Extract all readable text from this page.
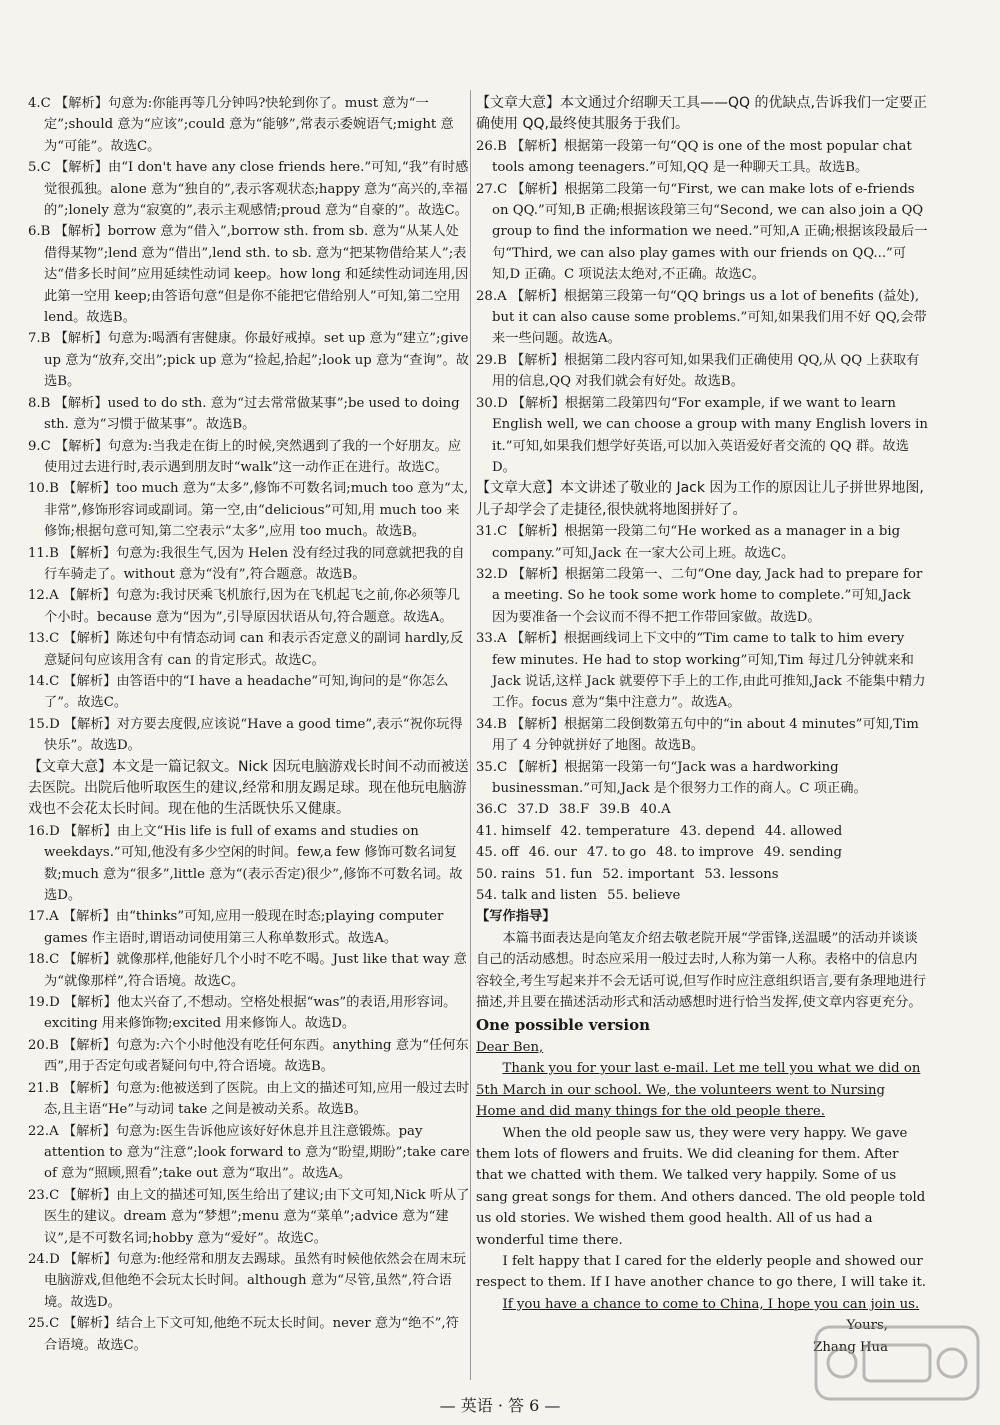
4.C 【解析】句意为:你能再等几分钟吗?快轮到你了。must 意为“一定”;should 意为“应该”;could 意为“能够”,常表示委婉语气;might 意为“可能”。故选C。

5.C 【解析】由“I don't have any close friends here.”可知,“我”有时感觉很孤独。alone 意为“独自的”,表示客观状态;happy 意为“高兴的,幸福的”;lonely 意为“寂寞的”,表示主观感情;proud 意为“自豪的”。故选C。

6.B 【解析】borrow 意为“借入”,borrow sth. from sb. 意为“从某人处借得某物”;lend 意为“借出”,lend sth. to sb. 意为“把某物借给某人”;表达“借多长时间”应用延续性动词 keep。how long 和延续性动词连用,因此第一空用 keep;由答语句意“但是你不能把它借给别人”可知,第二空用 lend。故选B。

7.B 【解析】句意为:喝酒有害健康。你最好戒掉。set up 意为“建立”;give up 意为“放弃,交出”;pick up 意为“捡起,拾起”;look up 意为“查询”。故选B。

8.B 【解析】used to do sth. 意为“过去常常做某事”;be used to doing sth. 意为“习惯于做某事”。故选B。

9.C 【解析】句意为:当我走在街上的时候,突然遇到了我的一个好朋友。应使用过去进行时,表示遇到朋友时“walk”这一动作正在进行。故选C。

10.B 【解析】too much 意为“太多”,修饰不可数名词;much too 意为“太,非常”,修饰形容词或副词。第一空,由“delicious”可知,用 much too 来修饰;根据句意可知,第二空表示“太多”,应用 too much。故选B。

11.B 【解析】句意为:我很生气,因为 Helen 没有经过我的同意就把我的自行车骑走了。without 意为“没有”,符合题意。故选B。

12.A 【解析】句意为:我讨厌乘飞机旅行,因为在飞机起飞之前,你必须等几个小时。because 意为“因为”,引导原因状语从句,符合题意。故选A。

13.C 【解析】陈述句中有情态动词 can 和表示否定意义的副词 hardly,反意疑问句应该用含有 can 的肯定形式。故选C。

14.C 【解析】由答语中的“I have a headache”可知,询问的是“你怎么了”。故选C。

15.D 【解析】对方要去度假,应该说“Have a good time”,表示“祝你玩得快乐”。故选D。

【文章大意】本文是一篇记叙文。Nick 因玩电脑游戏长时间不动而被送去医院。出院后他听取医生的建议,经常和朋友踢足球。现在他玩电脑游戏也不会花太长时间。现在他的生活既快乐又健康。

16.D 【解析】由上文“His life is full of exams and studies on weekdays.”可知,他没有多少空闲的时间。few,a few 修饰可数名词复数;much 意为“很多”,little 意为“(表示否定)很少”,修饰不可数名词。故选D。

17.A 【解析】由“thinks”可知,应用一般现在时态;playing computer games 作主语时,谓语动词使用第三人称单数形式。故选A。

18.C 【解析】就像那样,他能好几个小时不吃不喝。Just like that way 意为“就像那样”,符合语境。故选C。

19.D 【解析】他太兴奋了,不想动。空格处根据“was”的表语,用形容词。exciting 用来修饰物;excited 用来修饰人。故选D。

20.B 【解析】句意为:六个小时他没有吃任何东西。anything 意为“任何东西”,用于否定句或者疑问句中,符合语境。故选B。

21.B 【解析】句意为:他被送到了医院。由上文的描述可知,应用一般过去时态,且主语“He”与动词 take 之间是被动关系。故选B。

22.A 【解析】句意为:医生告诉他应该好好休息并且注意锻炼。pay attention to 意为“注意”;look forward to 意为“盼望,期盼”;take care of 意为“照顾,照看”;take out 意为“取出”。故选A。

23.C 【解析】由上文的描述可知,医生给出了建议;由下文可知,Nick 听从了医生的建议。dream 意为“梦想”;menu 意为“菜单”;advice 意为“建议”,是不可数名词;hobby 意为“爱好”。故选C。

24.D 【解析】句意为:他经常和朋友去踢球。虽然有时候他依然会在周末玩电脑游戏,但他绝不会玩太长时间。although 意为“尽管,虽然”,符合语境。故选D。

25.C 【解析】结合上下文可知,他绝不玩太长时间。never 意为“绝不”,符合语境。故选C。

【文章大意】本文通过介绍聊天工具——QQ 的优缺点,告诉我们一定要正确使用 QQ,最终使其服务于我们。

26.B 【解析】根据第一段第一句“QQ is one of the most popular chat tools among teenagers.”可知,QQ 是一种聊天工具。故选B。

27.C 【解析】根据第二段第一句“First, we can make lots of e-friends on QQ.”可知,B 正确;根据该段第三句“Second, we can also join a QQ group to find the information we need.”可知,A 正确;根据该段最后一句“Third, we can also play games with our friends on QQ...”可知,D 正确。C 项说法太绝对,不正确。故选C。

28.A 【解析】根据第三段第一句“QQ brings us a lot of benefits (益处), but it can also cause some problems.”可知,如果我们用不好 QQ,会带来一些问题。故选A。

29.B 【解析】根据第二段内容可知,如果我们正确使用 QQ,从 QQ 上获取有用的信息,QQ 对我们就会有好处。故选B。

30.D 【解析】根据第二段第四句“For example, if we want to learn English well, we can choose a group with many English lovers in it.”可知,如果我们想学好英语,可以加入英语爱好者交流的 QQ 群。故选D。

【文章大意】本文讲述了敬业的 Jack 因为工作的原因让儿子拼世界地图,儿子却学会了走捷径,很快就将地图拼好了。

31.C 【解析】根据第一段第二句“He worked as a manager in a big company.”可知,Jack 在一家大公司上班。故选C。

32.D 【解析】根据第二段第一、二句“One day, Jack had to prepare for a meeting. So he took some work home to complete.”可知,Jack 因为要准备一个会议而不得不把工作带回家做。故选D。

33.A 【解析】根据画线词上下文中的“Tim came to talk to him every few minutes. He had to stop working”可知,Tim 每过几分钟就来和 Jack 说话,这样 Jack 就要停下手上的工作,由此可推知,Jack 不能集中精力工作。focus 意为“集中注意力”。故选A。

34.B 【解析】根据第二段倒数第五句中的“in about 4 minutes”可知,Tim 用了 4 分钟就拼好了地图。故选B。

35.C 【解析】根据第一段第一句“Jack was a hardworking businessman.”可知,Jack 是个很努力工作的商人。C 项正确。

36.C 37.D 38.F 39.B 40.A

41. himself 42. temperature 43. depend 44. allowed

45. off 46. our 47. to go 48. to improve 49. sending

50. rains 51. fun 52. important 53. lessons

54. talk and listen 55. believe

【写作指导】

本篇书面表达是向笔友介绍去敬老院开展“学雷锋,送温暖”的活动并谈谈自己的活动感想。时态应采用一般过去时,人称为第一人称。表格中的信息内容较全,考生写起来并不会无话可说,但写作时应注意组织语言,要有条理地进行描述,并且要在描述活动形式和活动感想时进行恰当发挥,使文章内容更充分。

One possible version

Dear Ben,

Thank you for your last e-mail. Let me tell you what we did on 5th March in our school. We, the volunteers went to Nursing Home and did many things for the old people there.

When the old people saw us, they were very happy. We gave them lots of flowers and fruits. We did cleaning for them. After that we chatted with them. We talked very happily. Some of us sang great songs for them. And others danced. The old people told us old stories. We wished them good health. All of us had a wonderful time there.

I felt happy that I cared for the elderly people and showed our respect to them. If I have another chance to go there, I will take it.

If you have a chance to come to China, I hope you can join us.

Yours,

Zhang Hua

— 英语 · 答 6 —
